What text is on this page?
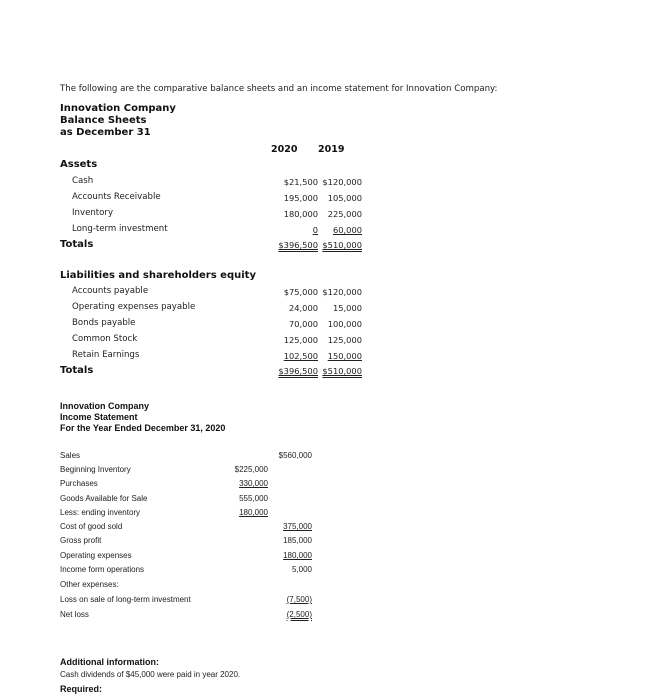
The following are the comparative balance sheets and an income statement for Innovation Company:
Innovation Company
Balance Sheets
as December 31
2020 2019
Assets
Cash	$21,500 $120,000
Accounts Receivable	195,000	105,000
Inventory	180,000	225,000
Long-term investment	0	60,000
Totals	$396,500 $510,000
Liabilities and shareholders equity
Accounts payable	$75,000 $120,000
Operating expenses payable	24,000	15,000
Bonds payable	70,000	100,000
Common Stock	125,000	125,000
Retain Earnings	102,500	150,000
Totals	$396,500 $510,000
Innovation Company
Income Statement
For the Year Ended December 31, 2020
Sales	$560,000
Beginning Inventory	$225,000
Purchases	330,000
Goods Available for Sale	555,000
Less: ending inventory	180,000
Cost of good sold	375,000
Gross profit	185,000
Operating expenses	180,000
Income form operations	5,000
Other expenses:
Loss on sale of long-term investment	(7,500)
Net loss	(2,500)
Additional information:
Cash dividends of $45,000 were paid in year 2020.
Required:
